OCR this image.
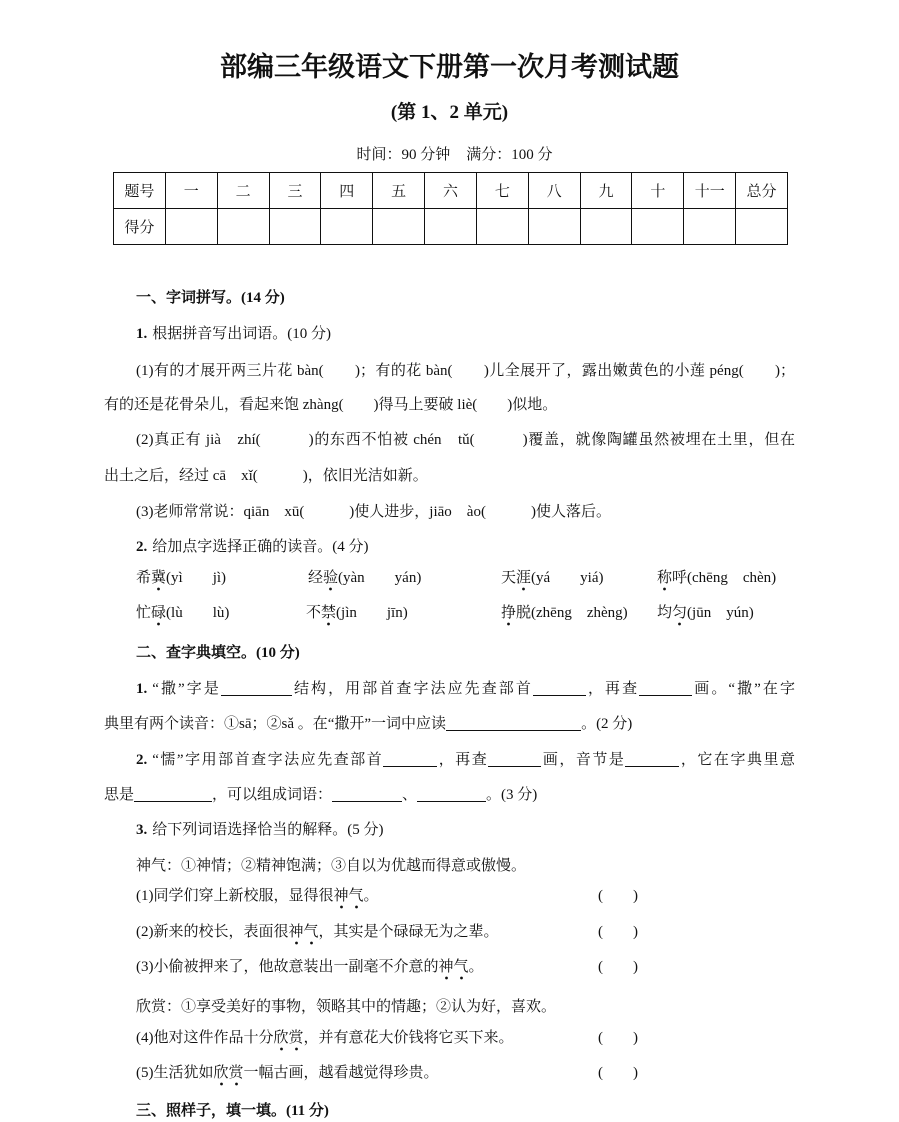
部编三年级语文下册第一次月考测试题
(第 1、2 单元)
时间：90 分钟 满分：100 分
题号	一	二	三	四	五	六	七	八	九	十	十一	总分
得分												
一、字词拼写。(14 分)
1. 根据拼音写出词语。(10 分)
(1)有的才展开两三片花 bàn(　　)；有的花 bàn(　　)儿全展开了，露出嫩黄色的小莲 péng(　　)；
有的还是花骨朵儿，看起来饱 zhàng(　　)得马上要破 liè(　　)似地。
(2)真正有 jià　zhí(　　　)的东西不怕被 chén　tǔ(　　　)覆盖，就像陶罐虽然被埋在土里，但在
出土之后，经过 cā　xǐ(　　　)，依旧光洁如新。
(3)老师常常说：qiān　xū(　　　)使人进步，jiāo　ào(　　　)使人落后。
2. 给加点字选择正确的读音。(4 分)
希冀(yì　　jì)	经验(yàn　　yán)	天涯(yá　　yiá)	称呼(chēng　chèn)
忙碌(lù　　lù)	不禁(jìn　　jīn)	挣脱(zhēng　zhèng) 均匀(jūn　yún)
二、查字典填空。(10 分)
1. “撒”字是	结构，用部首查字法应先查部首	，再查	画。“撒”在字
典里有两个读音：①sā；②sǎ 。在“撒开”一词中应读	。(2 分)
2. “懦”字用部首查字法应先查部首	，再查	画，音节是	，它在字典里意
思是	，可以组成词语：	、	。(3 分)
3. 给下列词语选择恰当的解释。(5 分)
神气：①神情；②精神饱满；③自以为优越而得意或傲慢。
(1)同学们穿上新校服，显得很神气。	(　　)
(2)新来的校长，表面很神气，其实是个碌碌无为之辈。	(　　)
(3)小偷被押来了，他故意装出一副毫不介意的神气。	(　　)
欣赏：①享受美好的事物，领略其中的情趣；②认为好，喜欢。
(4)他对这件作品十分欣赏，并有意花大价钱将它买下来。	(　　)
(5)生活犹如欣赏一幅古画，越看越觉得珍贵。	(　　)
三、照样子，填一填。(11 分)
